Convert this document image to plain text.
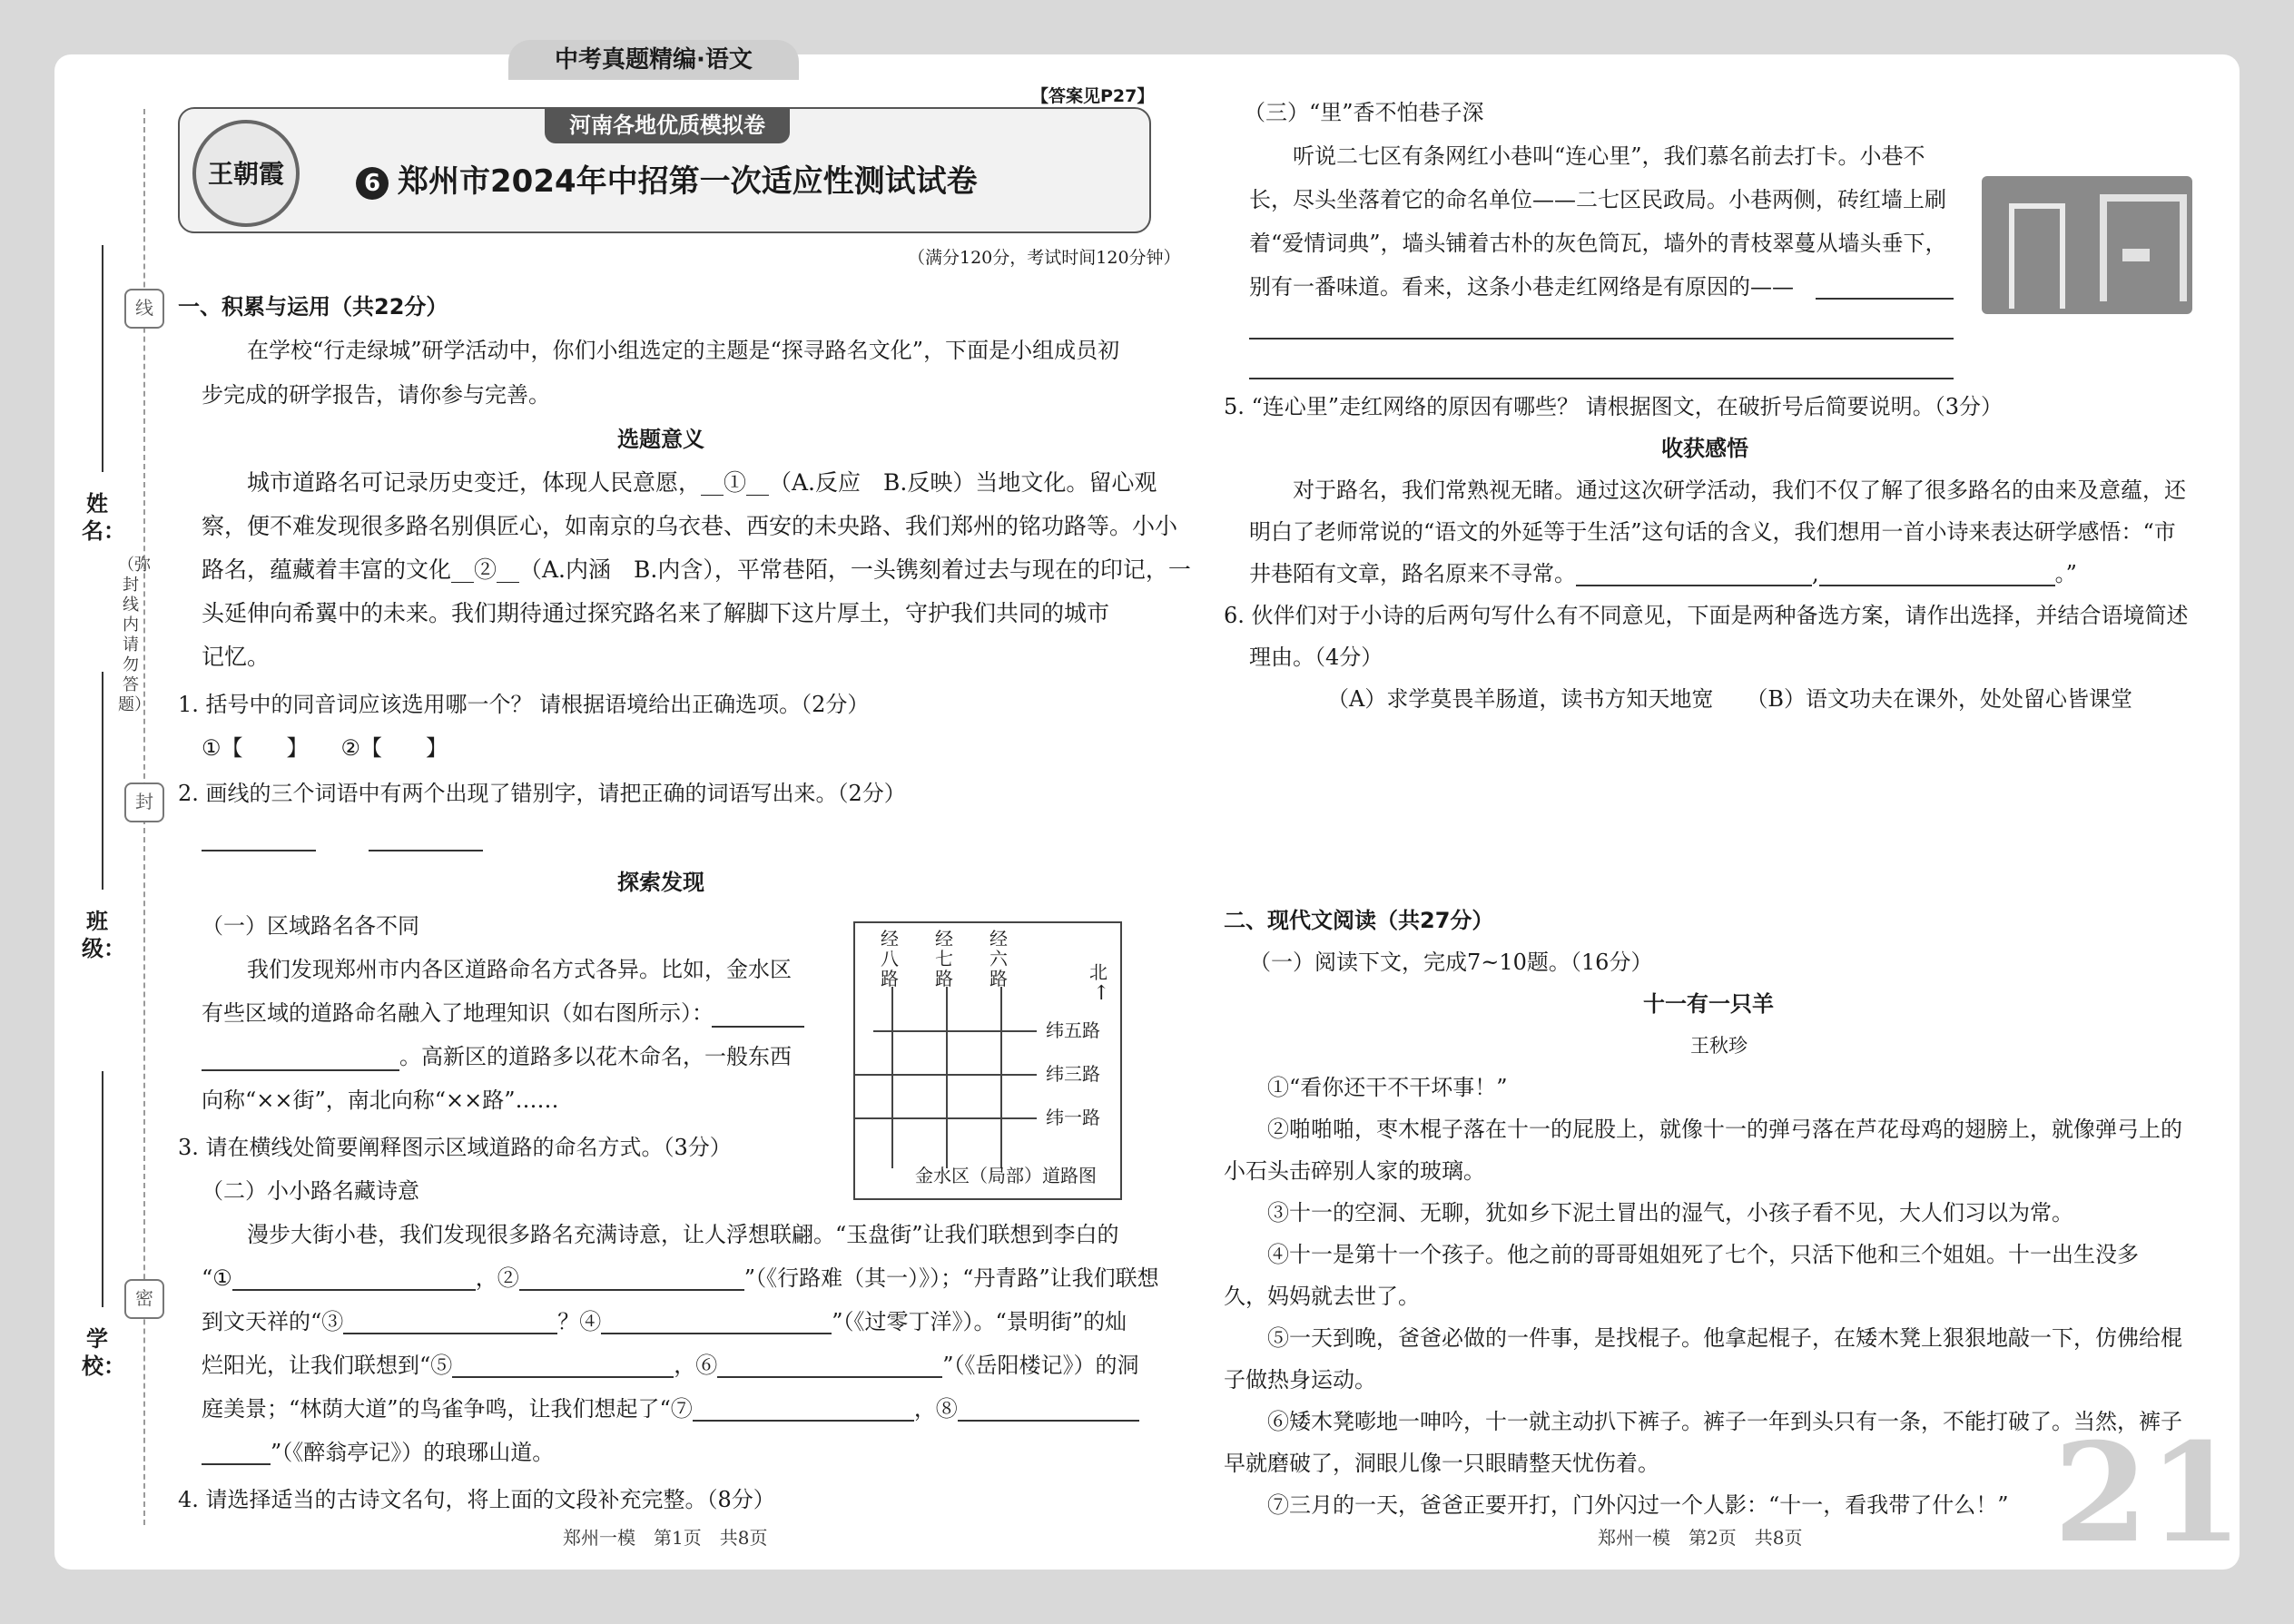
中考真题精编·语文
【答案见P27】
河南各地优质模拟卷
王朝霞	6 郑州市2024年中招第一次适应性测试试卷
（满分120分，考试时间120分钟）
线
封
密
（弥封线内请勿答题）
姓名：
班级：
学校：
一、积累与运用（共22分）
在学校“行走绿城”研学活动中，你们小组选定的主题是“探寻路名文化”，下面是小组成员初
步完成的研学报告，请你参与完善。
选题意义
城市道路名可记录历史变迁，体现人民意愿，__①__（A.反应　B.反映）当地文化。留心观
察，便不难发现很多路名别俱匠心，如南京的乌衣巷、西安的未央路、我们郑州的铭功路等。小小
路名，蕴藏着丰富的文化__②__（A.内涵　B.内含），平常巷陌，一头镌刻着过去与现在的印记，一
头延伸向希翼中的未来。我们期待通过探究路名来了解脚下这片厚土，守护我们共同的城市
记忆。
1. 括号中的同音词应该选用哪一个？ 请根据语境给出正确选项。（2分）
①【　　】　　②【　　】
2. 画线的三个词语中有两个出现了错别字，请把正确的词语写出来。（2分）
探索发现
（一）区域路名各不同
我们发现郑州市内各区道路命名方式各异。比如，金水区
有些区域的道路命名融入了地理知识（如右图所示）：
。高新区的道路多以花木命名，一般东西
向称“××街”，南北向称“××路”……
经八路
经七路
经六路	北
↑
纬五路
纬三路
纬一路
金水区（局部）道路图
3. 请在横线处简要阐释图示区域道路的命名方式。（3分）
（二）小小路名藏诗意
漫步大街小巷，我们发现很多路名充满诗意，让人浮想联翩。“玉盘街”让我们联想到李白的
“①	，②	”（《行路难（其一）》）；“丹青路”让我们联想
到文天祥的“③	？④	”（《过零丁洋》）。“景明街”的灿
烂阳光，让我们联想到“⑤	，⑥	”（《岳阳楼记》）的洞
庭美景；“林荫大道”的鸟雀争鸣，让我们想起了“⑦	，⑧
”（《醉翁亭记》）的琅琊山道。
4. 请选择适当的古诗文名句，将上面的文段补充完整。（8分）
郑州一模　第1页　共8页
（三）“里”香不怕巷子深
听说二七区有条网红小巷叫“连心里”，我们慕名前去打卡。小巷不
长，尽头坐落着它的命名单位——二七区民政局。小巷两侧，砖红墙上刷
着“爱情词典”，墙头铺着古朴的灰色筒瓦，墙外的青枝翠蔓从墙头垂下，
别有一番味道。看来，这条小巷走红网络是有原因的——
5. “连心里”走红网络的原因有哪些？ 请根据图文，在破折号后简要说明。（3分）
收获感悟
对于路名，我们常熟视无睹。通过这次研学活动，我们不仅了解了很多路名的由来及意蕴，还
明白了老师常说的“语文的外延等于生活”这句话的含义，我们想用一首小诗来表达研学感悟：“市
井巷陌有文章，路名原来不寻常。	,	。”
6. 伙伴们对于小诗的后两句写什么有不同意见，下面是两种备选方案，请作出选择，并结合语境简述
理由。（4分）
（A）求学莫畏羊肠道，读书方知天地宽　　（B）语文功夫在课外，处处留心皆课堂
二、现代文阅读（共27分）
（一）阅读下文，完成7~10题。（16分）
十一有一只羊
王秋珍
①“看你还干不干坏事！”
②啪啪啪，枣木棍子落在十一的屁股上，就像十一的弹弓落在芦花母鸡的翅膀上，就像弹弓上的
小石头击碎别人家的玻璃。
③十一的空洞、无聊，犹如乡下泥土冒出的湿气，小孩子看不见，大人们习以为常。
④十一是第十一个孩子。他之前的哥哥姐姐死了七个，只活下他和三个姐姐。十一出生没多
久，妈妈就去世了。
⑤一天到晚，爸爸必做的一件事，是找棍子。他拿起棍子，在矮木凳上狠狠地敲一下，仿佛给棍
子做热身运动。
⑥矮木凳嘭地一呻吟，十一就主动扒下裤子。裤子一年到头只有一条，不能打破了。当然，裤子
早就磨破了，洞眼儿像一只眼睛整天忧伤着。
⑦三月的一天，爸爸正要开打，门外闪过一个人影：“十一，看我带了什么！” 21
郑州一模　第2页　共8页
